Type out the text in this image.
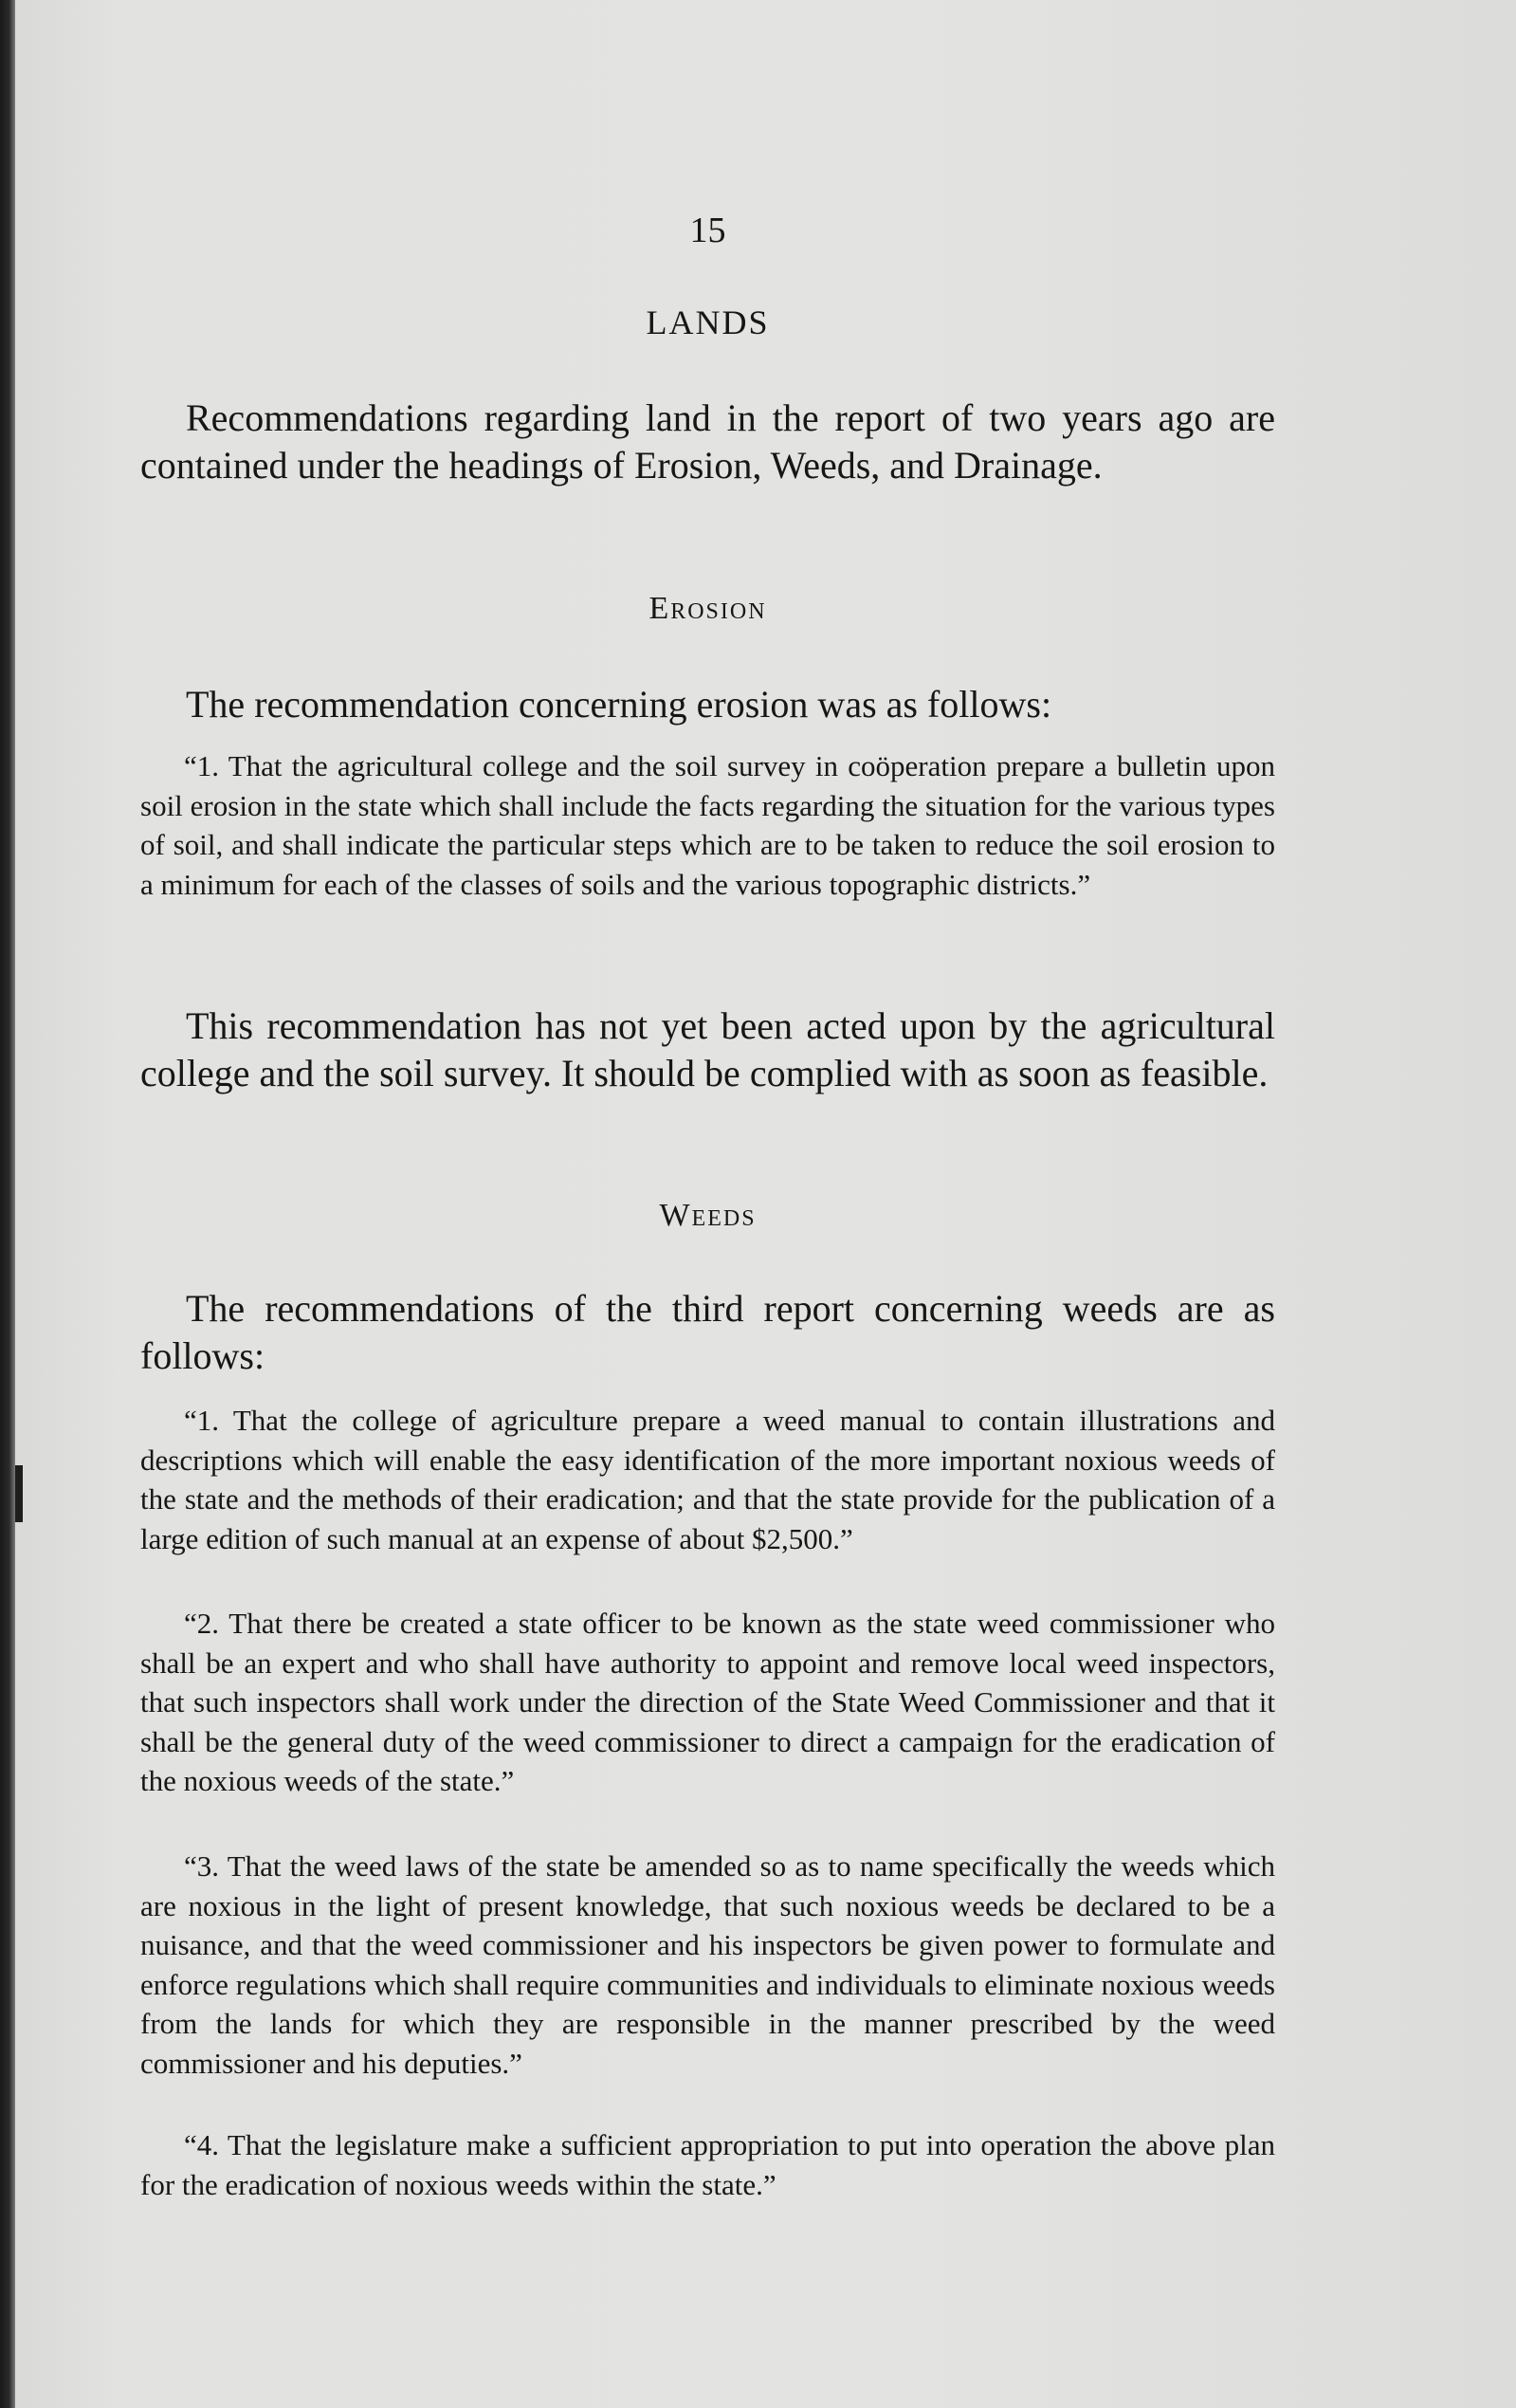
15
LANDS

Recommendations regarding land in the report of two years ago are contained under the headings of Erosion, Weeds, and Drainage.

Erosion

The recommendation concerning erosion was as follows:

“1. That the agricultural college and the soil survey in coöperation prepare a bulletin upon soil erosion in the state which shall include the facts regarding the situation for the various types of soil, and shall indicate the particular steps which are to be taken to reduce the soil erosion to a minimum for each of the classes of soils and the various topographic districts.”

This recommendation has not yet been acted upon by the agricultural college and the soil survey. It should be complied with as soon as feasible.

Weeds

The recommendations of the third report concerning weeds are as follows:

“1. That the college of agriculture prepare a weed manual to contain illustrations and descriptions which will enable the easy identification of the more important noxious weeds of the state and the methods of their eradication; and that the state provide for the publication of a large edition of such manual at an expense of about $2,500.”

“2. That there be created a state officer to be known as the state weed commissioner who shall be an expert and who shall have authority to appoint and remove local weed inspectors, that such inspectors shall work under the direction of the State Weed Commissioner and that it shall be the general duty of the weed commissioner to direct a campaign for the eradication of the noxious weeds of the state.”

“3. That the weed laws of the state be amended so as to name specifically the weeds which are noxious in the light of present knowledge, that such noxious weeds be declared to be a nuisance, and that the weed commissioner and his inspectors be given power to formulate and enforce regulations which shall require communities and individuals to eliminate noxious weeds from the lands for which they are responsible in the manner prescribed by the weed commissioner and his deputies.”

“4. That the legislature make a sufficient appropriation to put into operation the above plan for the eradication of noxious weeds within the state.”
